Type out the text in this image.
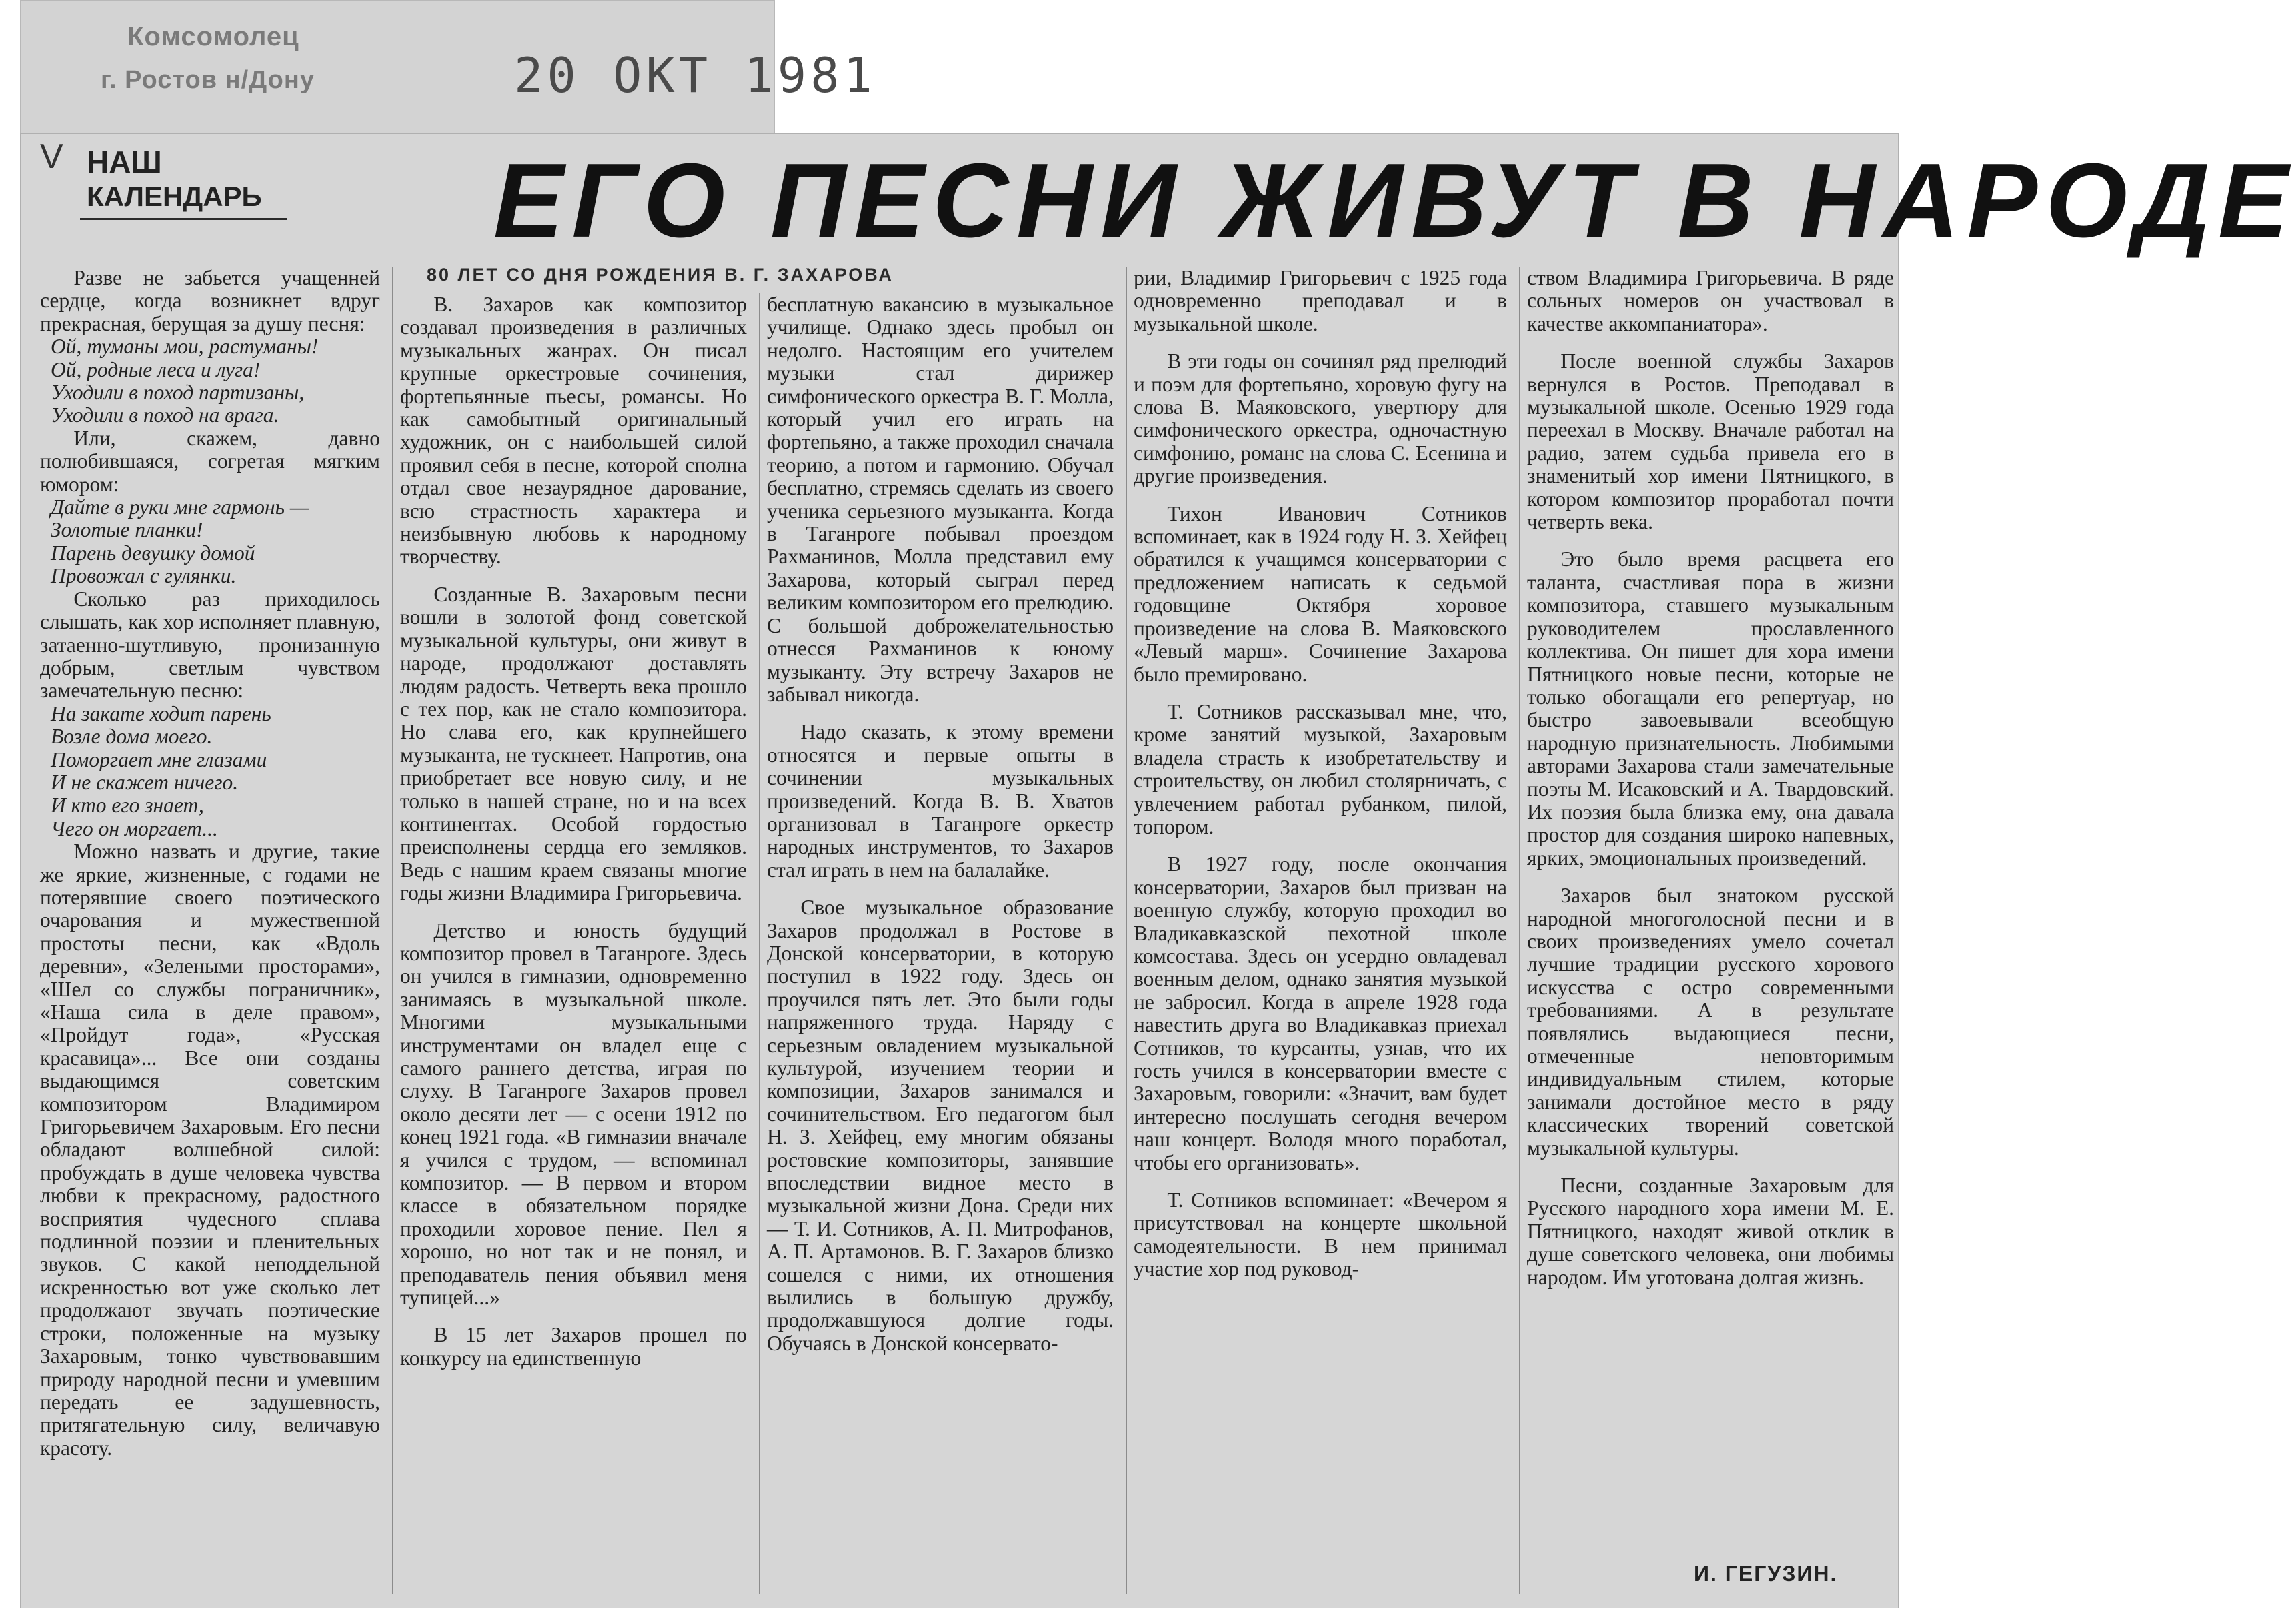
Комсомолец
г. Ростов н/Дону	20 ОКТ 1981
V НАШ
КАЛЕНДАРЬ ЕГО ПЕСНИ ЖИВУТ В НАРОДЕ
80 ЛЕТ СО ДНЯ РОЖДЕНИЯ В. Г. ЗАХАРОВА

Разве не забьется учащенней сердце, когда возникнет вдруг прекрасная, берущая за душу песня:

Ой, туманы мои, растуманы!
Ой, родные леса и луга!
Уходили в поход партизаны,
Уходили в поход на врага.

Или, скажем, давно полюбившаяся, согретая мягким юмором:

Дайте в руки мне гармонь —
Золотые планки!
Парень девушку домой
Провожал с гулянки.

Сколько раз приходилось слышать, как хор исполняет плавную, затаенно-шутливую, пронизанную добрым, светлым чувством замечательную песню:

На закате ходит парень
Возле дома моего.
Поморгает мне глазами
И не скажет ничего.
И кто его знает,
Чего он моргает...

Можно назвать и другие, такие же яркие, жизненные, с годами не потерявшие своего поэтического очарования и мужественной простоты песни, как «Вдоль деревни», «Зелеными просторами», «Шел со службы пограничник», «Наша сила в деле правом», «Пройдут года», «Русская красавица»... Все они созданы выдающимся советским композитором Владимиром Григорьевичем Захаровым. Его песни обладают волшебной силой: пробуждать в душе человека чувства любви к прекрасному, радостного восприятия чудесного сплава подлинной поэзии и пленительных звуков. С какой неподдельной искренностью вот уже сколько лет продолжают звучать поэтические строки, положенные на музыку Захаровым, тонко чувствовавшим природу народной песни и умевшим передать ее задушевность, притягательную силу, величавую красоту.

В. Захаров как композитор создавал произведения в различных музыкальных жанрах. Он писал крупные оркестровые сочинения, фортепьянные пьесы, романсы. Но как самобытный оригинальный художник, он с наибольшей силой проявил себя в песне, которой сполна отдал свое незаурядное дарование, всю страстность характера и неизбывную любовь к народному творчеству.

Созданные В. Захаровым песни вошли в золотой фонд советской музыкальной культуры, они живут в народе, продолжают доставлять людям радость. Четверть века прошло с тех пор, как не стало композитора. Но слава его, как крупнейшего музыканта, не тускнеет. Напротив, она приобретает все новую силу, и не только в нашей стране, но и на всех континентах. Особой гордостью преисполнены сердца его земляков. Ведь с нашим краем связаны многие годы жизни Владимира Григорьевича.

Детство и юность будущий композитор провел в Таганроге. Здесь он учился в гимназии, одновременно занимаясь в музыкальной школе. Многими музыкальными инструментами он владел еще с самого раннего детства, играя по слуху. В Таганроге Захаров провел около десяти лет — с осени 1912 по конец 1921 года. «В гимназии вначале я учился с трудом, — вспоминал композитор. — В первом и втором классе в обязательном порядке проходили хоровое пение. Пел я хорошо, но нот так и не понял, и преподаватель пения объявил меня тупицей...»

В 15 лет Захаров прошел по конкурсу на единственную

бесплатную вакансию в музыкальное училище. Однако здесь пробыл он недолго. Настоящим его учителем музыки стал дирижер симфонического оркестра В. Г. Молла, который учил его играть на фортепьяно, а также проходил сначала теорию, а потом и гармонию. Обучал бесплатно, стремясь сделать из своего ученика серьезного музыканта. Когда в Таганроге побывал проездом Рахманинов, Молла представил ему Захарова, который сыграл перед великим композитором его прелюдию. С большой доброжелательностью отнесся Рахманинов к юному музыканту. Эту встречу Захаров не забывал никогда.

Надо сказать, к этому времени относятся и первые опыты в сочинении музыкальных произведений. Когда В. В. Хватов организовал в Таганроге оркестр народных инструментов, то Захаров стал играть в нем на балалайке.

Свое музыкальное образование Захаров продолжал в Ростове в Донской консерватории, в которую поступил в 1922 году. Здесь он проучился пять лет. Это были годы напряженного труда. Наряду с серьезным овладением музыкальной культурой, изучением теории и композиции, Захаров занимался и сочинительством. Его педагогом был Н. З. Хейфец, ему многим обязаны ростовские композиторы, занявшие впоследствии видное место в музыкальной жизни Дона. Среди них — Т. И. Сотников, А. П. Митрофанов, А. П. Артамонов. В. Г. Захаров близко сошелся с ними, их отношения вылились в большую дружбу, продолжавшуюся долгие годы. Обучаясь в Донской консервато-

рии, Владимир Григорьевич с 1925 года одновременно преподавал и в музыкальной школе.

В эти годы он сочинял ряд прелюдий и поэм для фортепьяно, хоровую фугу на слова В. Маяковского, увертюру для симфонического оркестра, одночастную симфонию, романс на слова С. Есенина и другие произведения.

Тихон Иванович Сотников вспоминает, как в 1924 году Н. З. Хейфец обратился к учащимся консерватории с предложением написать к седьмой годовщине Октября хоровое произведение на слова В. Маяковского «Левый марш». Сочинение Захарова было премировано.

Т. Сотников рассказывал мне, что, кроме занятий музыкой, Захаровым владела страсть к изобретательству и строительству, он любил столярничать, с увлечением работал рубанком, пилой, топором.

В 1927 году, после окончания консерватории, Захаров был призван на военную службу, которую проходил во Владикавказской пехотной школе комсостава. Здесь он усердно овладевал военным делом, однако занятия музыкой не забросил. Когда в апреле 1928 года навестить друга во Владикавказ приехал Сотников, то курсанты, узнав, что их гость учился в консерватории вместе с Захаровым, говорили: «Значит, вам будет интересно послушать сегодня вечером наш концерт. Володя много поработал, чтобы его организовать».

Т. Сотников вспоминает: «Вечером я присутствовал на концерте школьной самодеятельности. В нем принимал участие хор под руковод-

ством Владимира Григорьевича. В ряде сольных номеров он участвовал в качестве аккомпаниатора».

После военной службы Захаров вернулся в Ростов. Преподавал в музыкальной школе. Осенью 1929 года переехал в Москву. Вначале работал на радио, затем судьба привела его в знаменитый хор имени Пятницкого, в котором композитор проработал почти четверть века.

Это было время расцвета его таланта, счастливая пора в жизни композитора, ставшего музыкальным руководителем прославленного коллектива. Он пишет для хора имени Пятницкого новые песни, которые не только обогащали его репертуар, но быстро завоевывали всеобщую народную признательность. Любимыми авторами Захарова стали замечательные поэты М. Исаковский и А. Твардовский. Их поэзия была близка ему, она давала простор для создания широко напевных, ярких, эмоциональных произведений.

Захаров был знатоком русской народной многоголосной песни и в своих произведениях умело сочетал лучшие традиции русского хорового искусства с остро современными требованиями. А в результате появлялись выдающиеся песни, отмеченные неповторимым индивидуальным стилем, которые занимали достойное место в ряду классических творений советской музыкальной культуры.

Песни, созданные Захаровым для Русского народного хора имени М. Е. Пятницкого, находят живой отклик в душе советского человека, они любимы народом. Им уготована долгая жизнь.

И. ГЕГУЗИН.
